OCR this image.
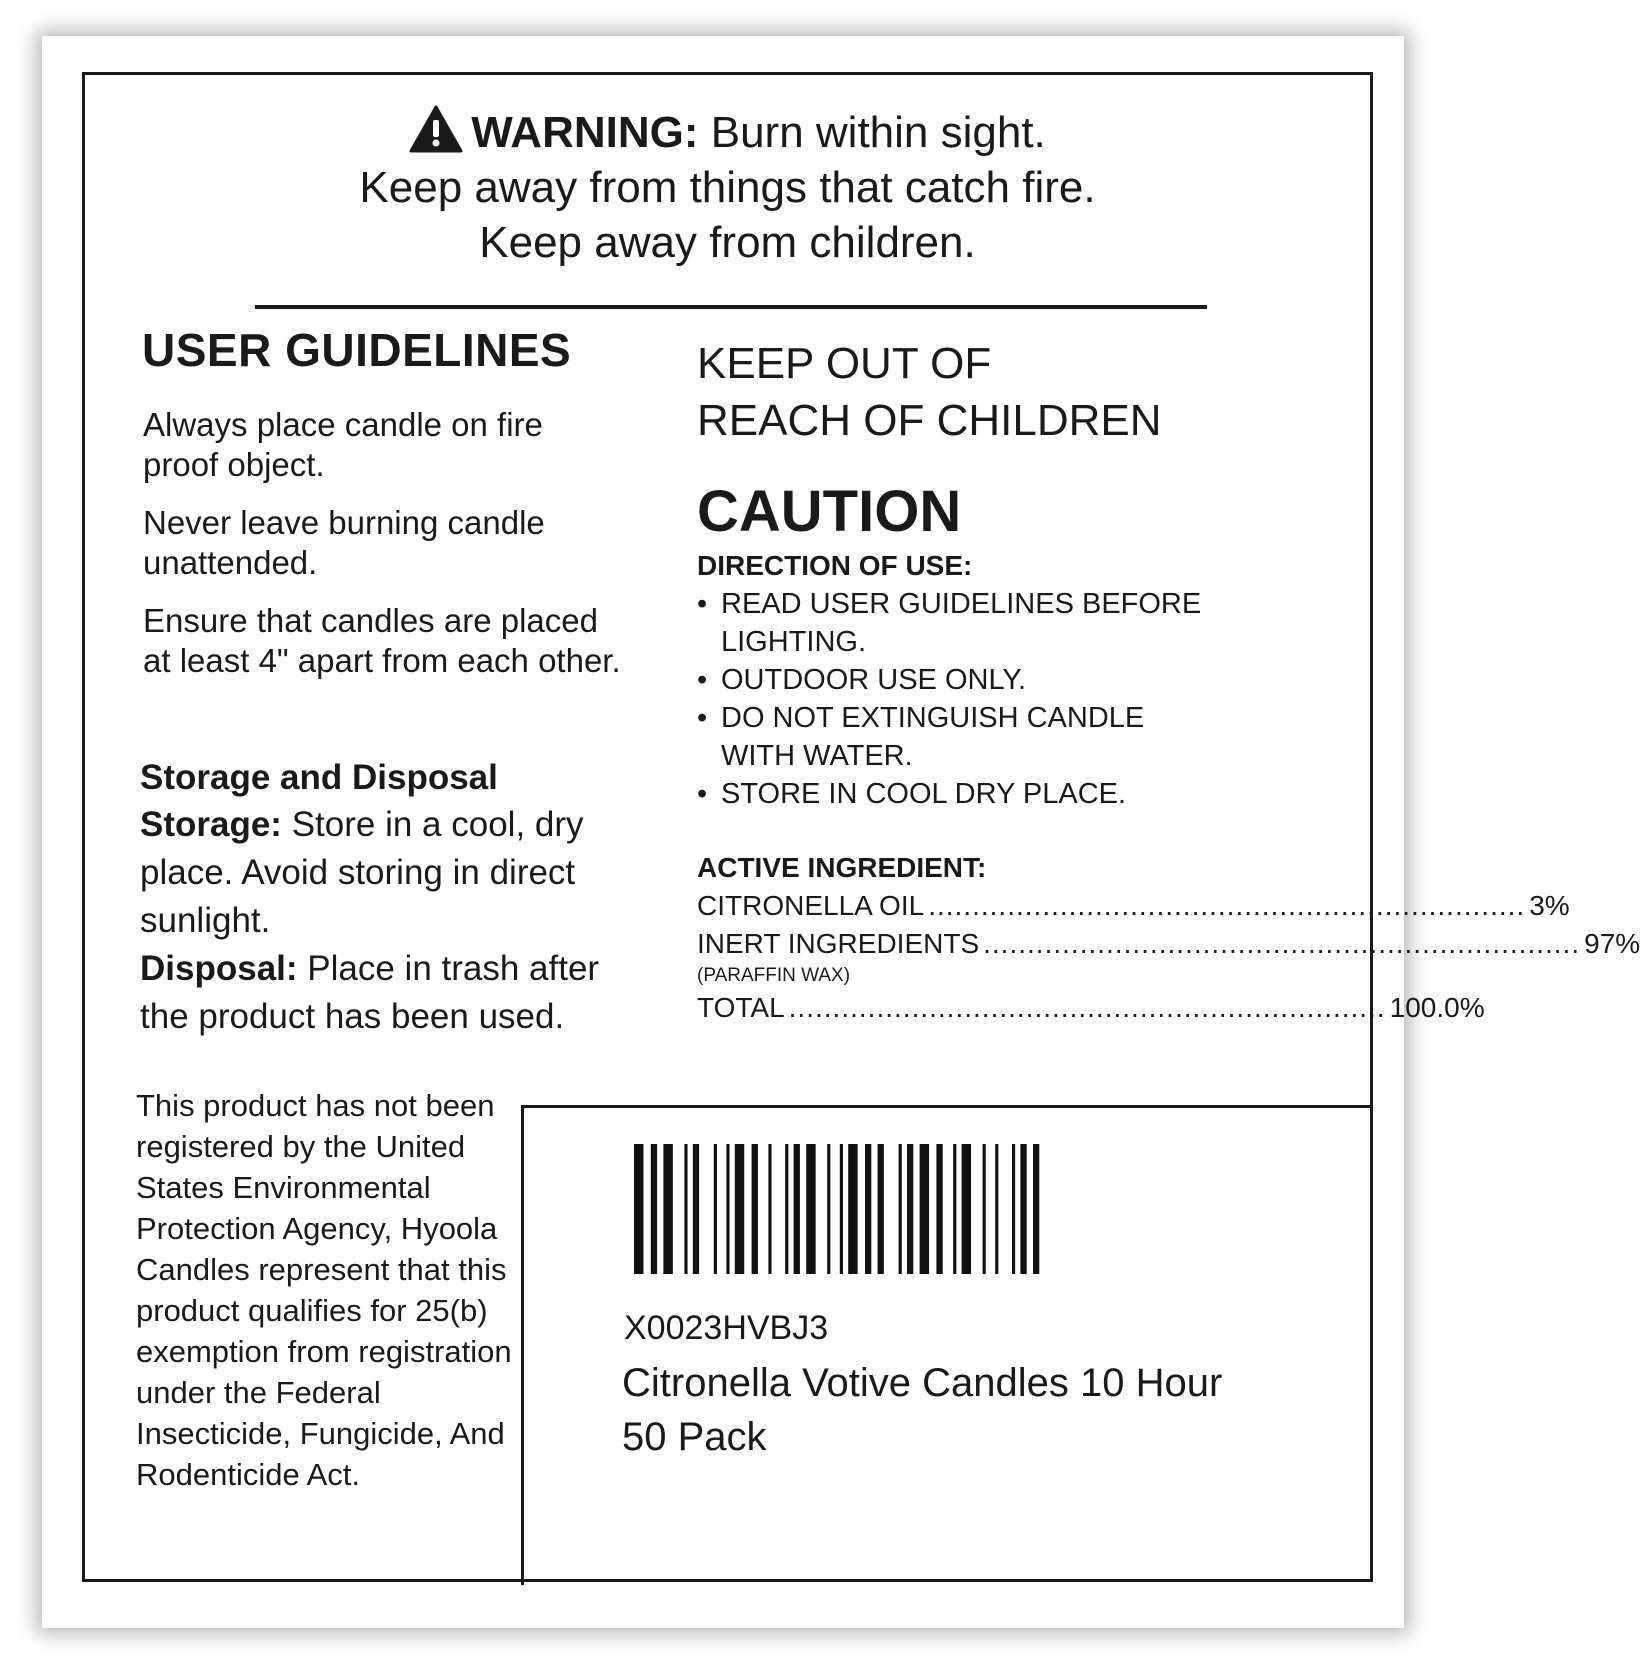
WARNING: Burn within sight.
Keep away from things that catch fire.
Keep away from children.
USER GUIDELINES

Always place candle on fire proof object.

Never leave burning candle unattended.

Ensure that candles are placed at least 4" apart from each other.

Storage and Disposal
Storage: Store in a cool, dry place. Avoid storing in direct sunlight.
Disposal: Place in trash after the product has been used.
This product has not been registered by the United States Environmental Protection Agency, Hyoola Candles represent that this product qualifies for 25(b) exemption from registration under the Federal Insecticide, Fungicide, And Rodenticide Act.
KEEP OUT OF
REACH OF CHILDREN
CAUTION
DIRECTION OF USE:
• READ USER GUIDELINES BEFORE LIGHTING.
• OUTDOOR USE ONLY.
• DO NOT EXTINGUISH CANDLE WITH WATER.
• STORE IN COOL DRY PLACE.
ACTIVE INGREDIENT:
CITRONELLA OIL .................................................................... 3%
INERT INGREDIENTS .................................................................... 97%
(PARAFFIN WAX)
TOTAL .................................................................... 100.0%
X0023HVBJ3
Citronella Votive Candles 10 Hour 50 Pack
